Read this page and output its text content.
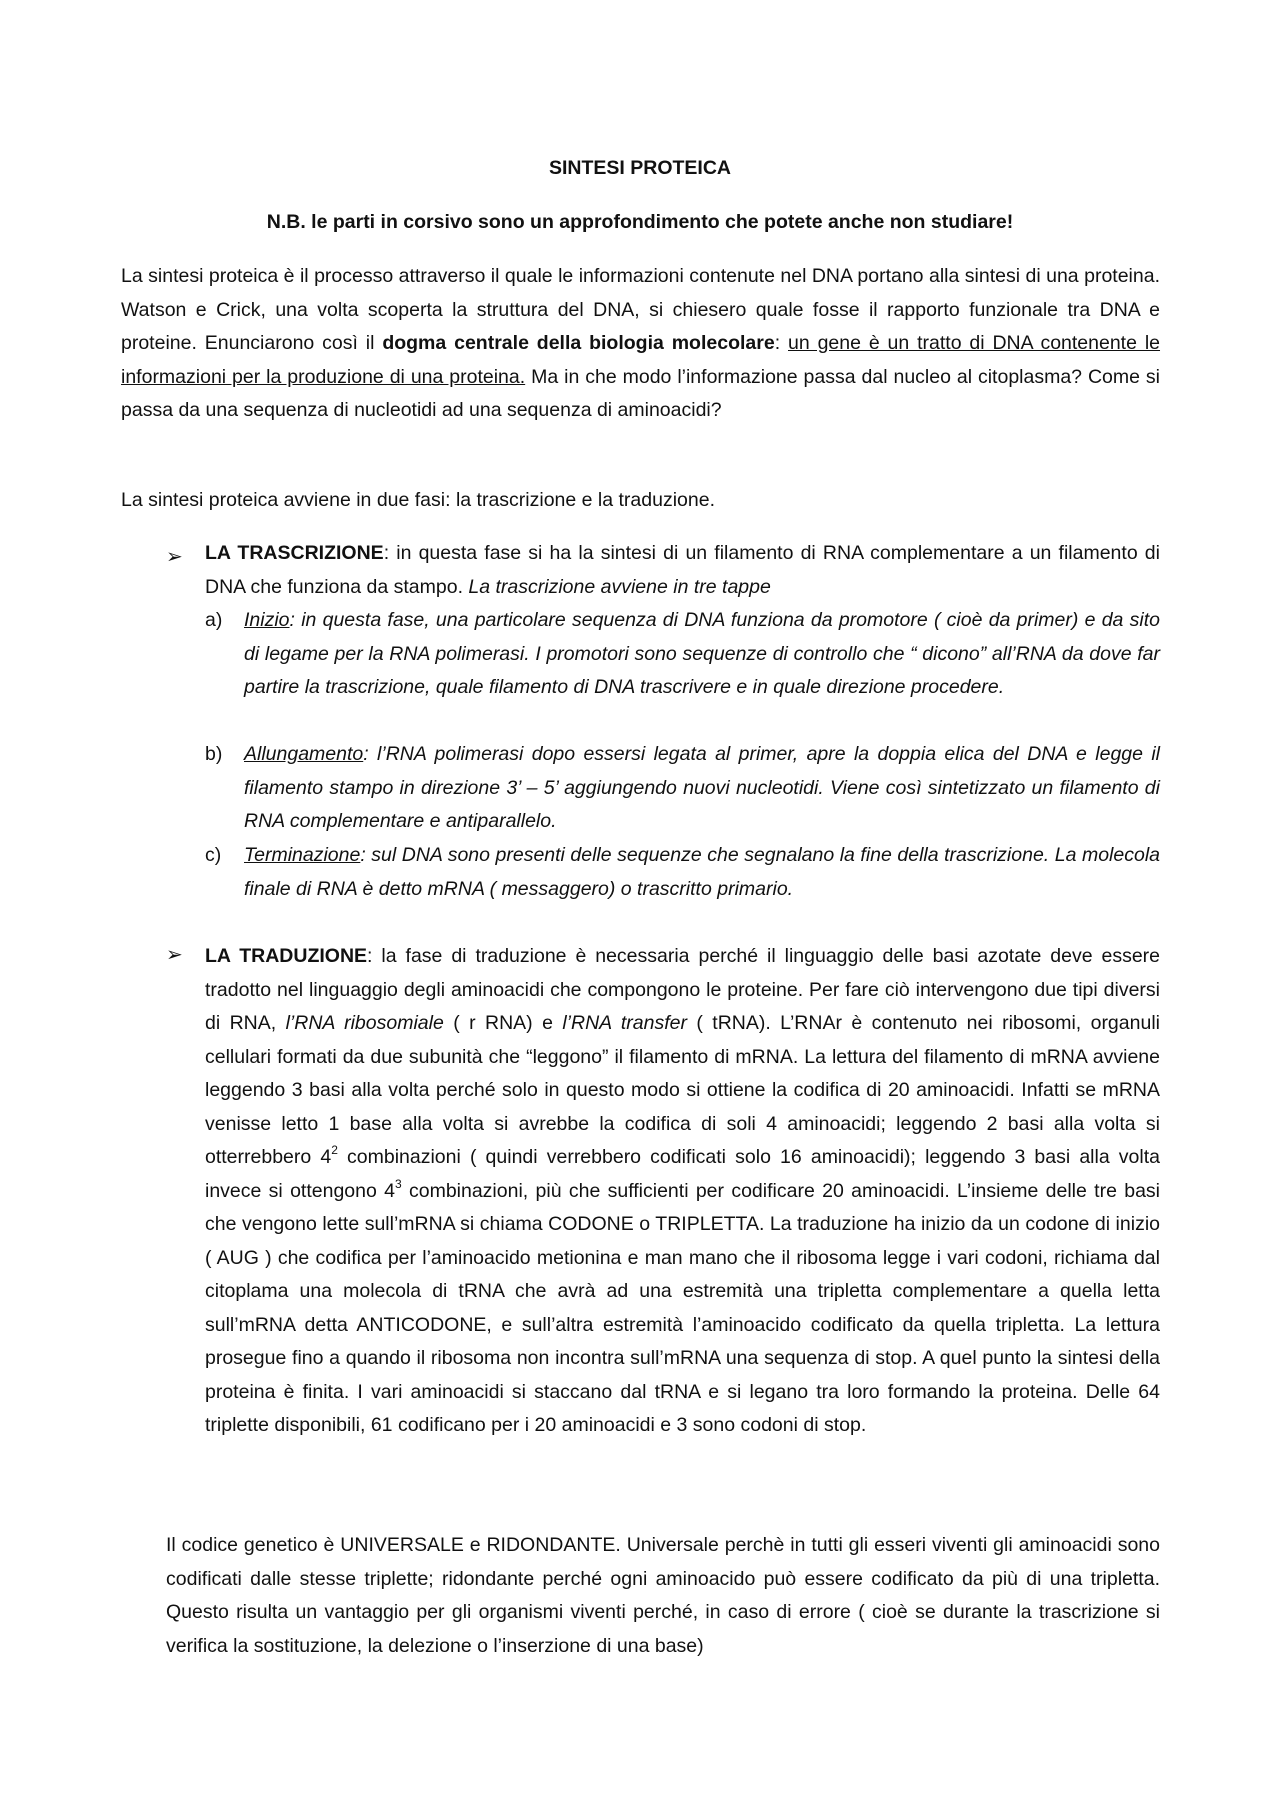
SINTESI PROTEICA
N.B. le parti in corsivo sono un approfondimento che potete anche non studiare!
La sintesi proteica è il processo attraverso il quale le informazioni contenute nel DNA portano alla sintesi di una proteina. Watson e Crick, una volta scoperta la struttura del DNA, si chiesero quale fosse il rapporto funzionale tra DNA e proteine. Enunciarono così il dogma centrale della biologia molecolare: un gene è un tratto di DNA contenente le informazioni per la produzione di una proteina. Ma in che modo l’informazione passa dal nucleo al citoplasma? Come si passa da una sequenza di nucleotidi ad una sequenza di aminoacidi?
La sintesi proteica avviene in due fasi: la trascrizione e la traduzione.
➢ LA TRASCRIZIONE: in questa fase si ha la sintesi di un filamento di RNA complementare a un filamento di DNA che funziona da stampo. La trascrizione avviene in tre tappe
a)	Inizio: in questa fase, una particolare sequenza di DNA funziona da promotore ( cioè da primer) e da sito di legame per la RNA polimerasi. I promotori sono sequenze di controllo che “ dicono” all’RNA da dove far partire la trascrizione, quale filamento di DNA trascrivere e in quale direzione procedere.
b)	Allungamento: l’RNA polimerasi dopo essersi legata al primer, apre la doppia elica del DNA e legge il filamento stampo in direzione 3’ – 5’ aggiungendo nuovi nucleotidi. Viene così sintetizzato un filamento di RNA complementare e antiparallelo.
c)	Terminazione: sul DNA sono presenti delle sequenze che segnalano la fine della trascrizione. La molecola finale di RNA è detto mRNA ( messaggero) o trascritto primario.
➢ LA TRADUZIONE: la fase di traduzione è necessaria perché il linguaggio delle basi azotate deve essere tradotto nel linguaggio degli aminoacidi che compongono le proteine. Per fare ciò intervengono due tipi diversi di RNA, l’RNA ribosomiale ( r RNA) e l’RNA transfer ( tRNA). L’RNAr è contenuto nei ribosomi, organuli cellulari formati da due subunità che “leggono” il filamento di mRNA. La lettura del filamento di mRNA avviene leggendo 3 basi alla volta perché solo in questo modo si ottiene la codifica di 20 aminoacidi. Infatti se mRNA venisse letto 1 base alla volta si avrebbe la codifica di soli 4 aminoacidi; leggendo 2 basi alla volta si otterrebbero $4^2$ combinazioni ( quindi verrebbero codificati solo 16 aminoacidi); leggendo 3 basi alla volta invece si ottengono $4^3$ combinazioni, più che sufficienti per codificare 20 aminoacidi. L’insieme delle tre basi che vengono lette sull’mRNA si chiama CODONE o TRIPLETTA. La traduzione ha inizio da un codone di inizio ( AUG ) che codifica per l’aminoacido metionina e man mano che il ribosoma legge i vari codoni, richiama dal citoplama una molecola di tRNA che avrà ad una estremità una tripletta complementare a quella letta sull’mRNA detta ANTICODONE, e sull’altra estremità l’aminoacido codificato da quella tripletta. La lettura prosegue fino a quando il ribosoma non incontra sull’mRNA una sequenza di stop. A quel punto la sintesi della proteina è finita. I vari aminoacidi si staccano dal tRNA e si legano tra loro formando la proteina. Delle 64 triplette disponibili, 61 codificano per i 20 aminoacidi e 3 sono codoni di stop.
Il codice genetico è UNIVERSALE e RIDONDANTE. Universale perchè in tutti gli esseri viventi gli aminoacidi sono codificati dalle stesse triplette; ridondante perché ogni aminoacido può essere codificato da più di una tripletta. Questo risulta un vantaggio per gli organismi viventi perché, in caso di errore ( cioè se durante la trascrizione si verifica la sostituzione, la delezione o l’inserzione di una base)
